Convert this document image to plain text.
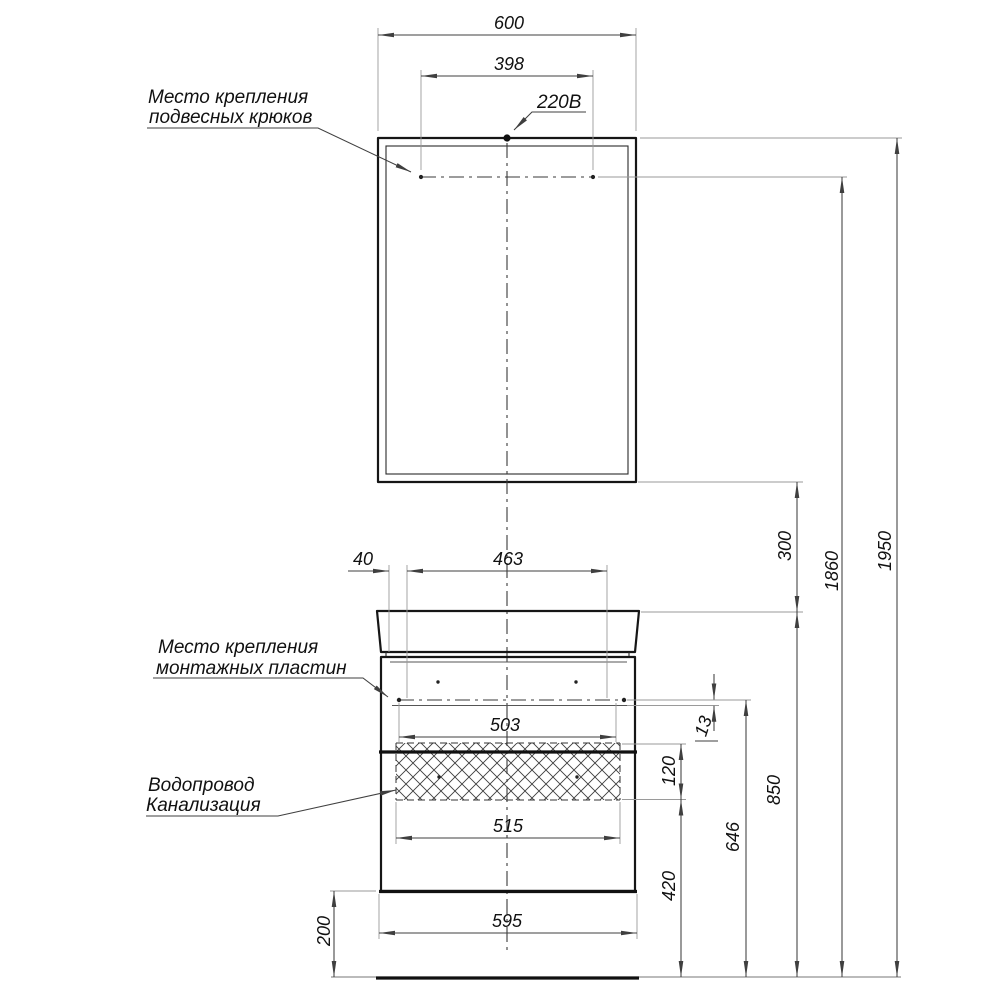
600
398
463
40
503
515
595
1950
1860
300
850
646
120
420
200
13
Место крепления
подвесных крюков
220В
Место крепления
монтажных пластин
Водопровод
Канализация
